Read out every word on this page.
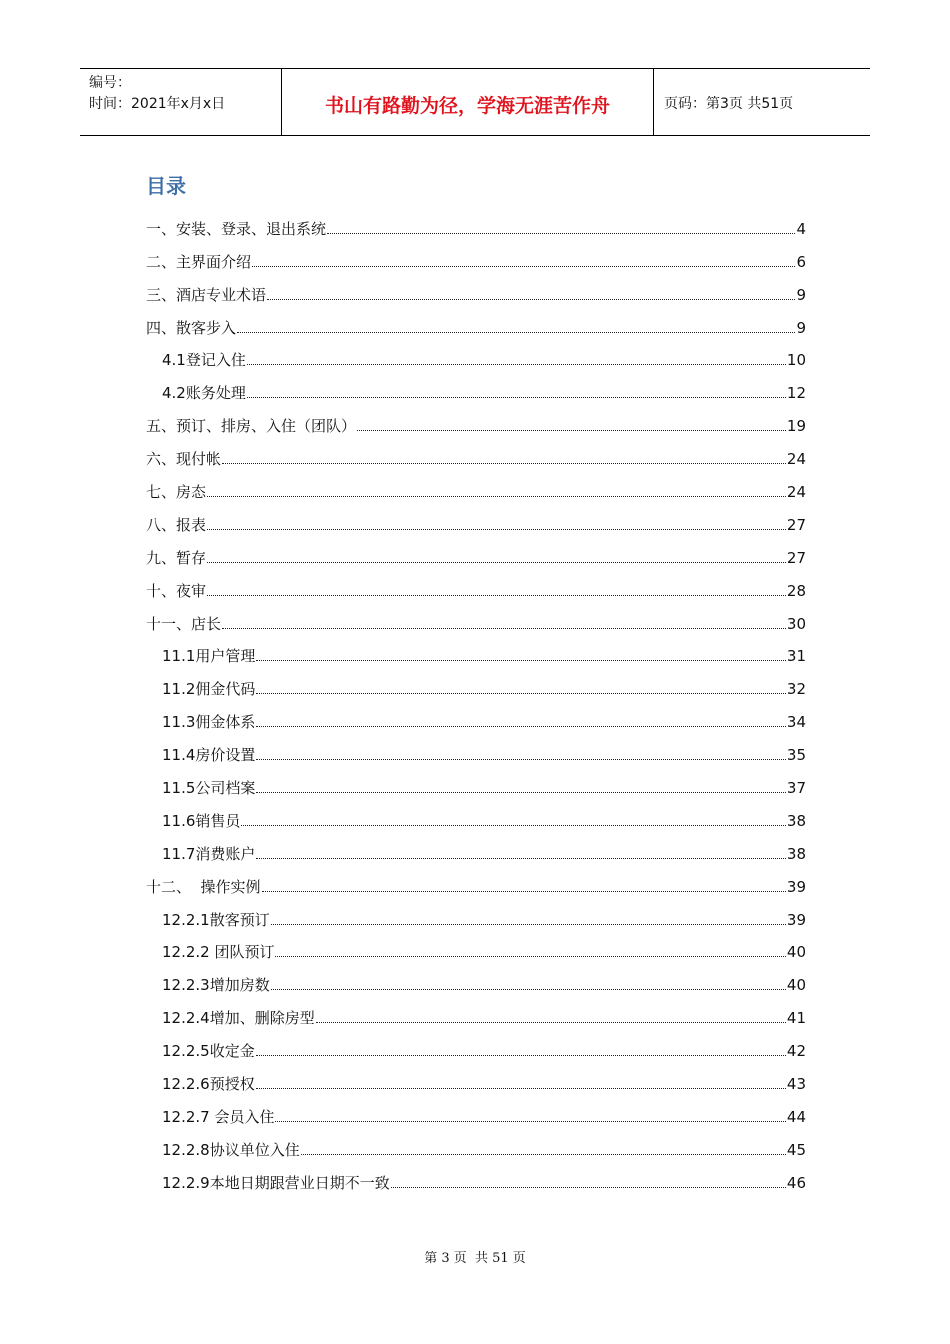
编号：
时间：2021年x月x日	书山有路勤为径，学海无涯苦作舟	页码：第3页 共51页
目录
一、安装、登录、退出系统	4
二、主界面介绍	6
三、酒店专业术语	9
四、散客步入	9
4.1登记入住	10
4.2账务处理	12
五、预订、排房、入住（团队）	19
六、现付帐	24
七、房态	24
八、报表	27
九、暂存	27
十、夜审	28
十一、店长	30
11.1用户管理	31
11.2佣金代码	32
11.3佣金体系	34
11.4房价设置	35
11.5公司档案	37
11.6销售员	38
11.7消费账户	38
十二、  操作实例	39
12.2.1散客预订	39
12.2.2 团队预订	40
12.2.3增加房数	40
12.2.4增加、删除房型	41
12.2.5收定金	42
12.2.6预授权	43
12.2.7 会员入住	44
12.2.8协议单位入住	45
12.2.9本地日期跟营业日期不一致	46
第 3 页  共 51 页
